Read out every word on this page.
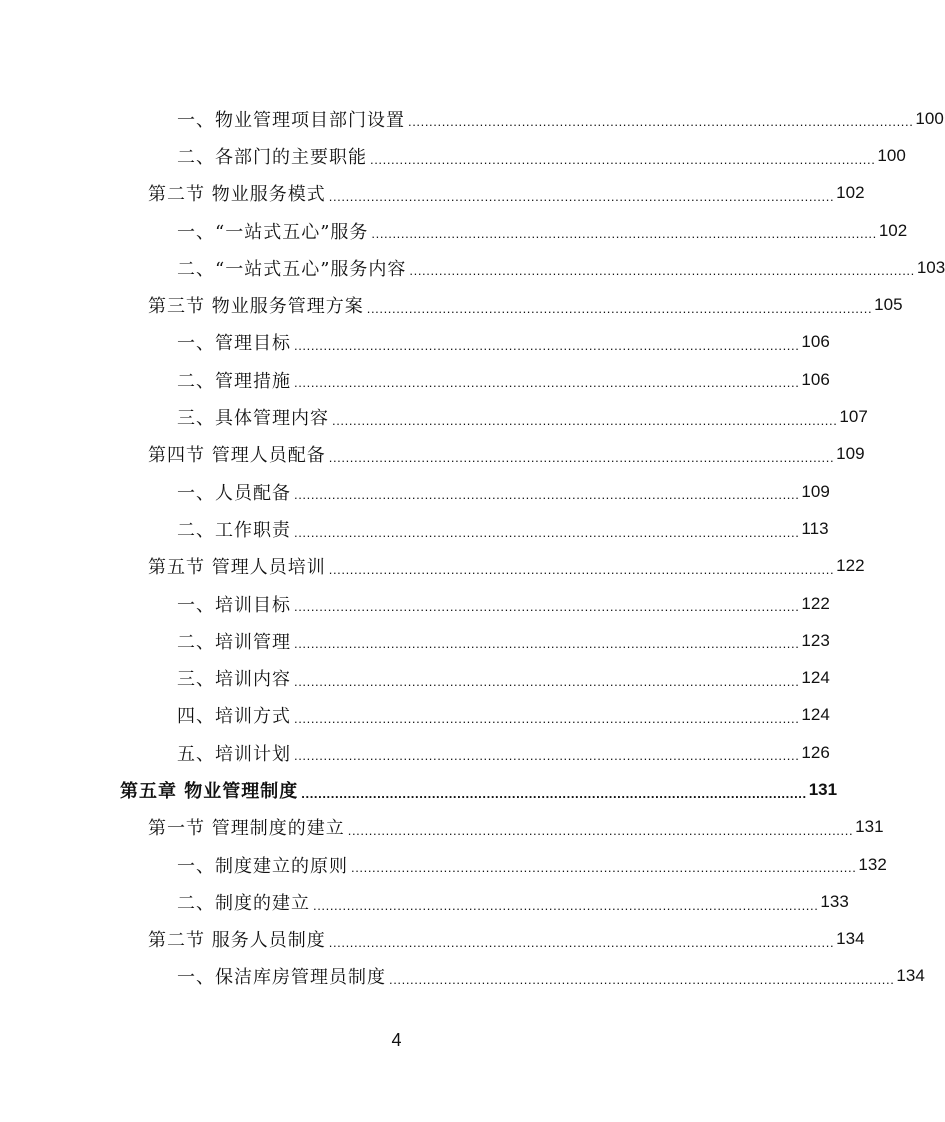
一、物业管理项目部门设置 ........................................................................................................................ 100
二、各部门的主要职能 ........................................................................................................................ 100
第二节 物业服务模式 ........................................................................................................................ 102
一、“一站式五心”服务 ........................................................................................................................ 102
二、“一站式五心”服务内容 ........................................................................................................................ 103
第三节 物业服务管理方案 ........................................................................................................................ 105
一、管理目标 ........................................................................................................................ 106
二、管理措施 ........................................................................................................................ 106
三、具体管理内容 ........................................................................................................................ 107
第四节 管理人员配备 ........................................................................................................................ 109
一、人员配备 ........................................................................................................................ 109
二、工作职责 ........................................................................................................................ 113
第五节 管理人员培训 ........................................................................................................................ 122
一、培训目标 ........................................................................................................................ 122
二、培训管理 ........................................................................................................................ 123
三、培训内容 ........................................................................................................................ 124
四、培训方式 ........................................................................................................................ 124
五、培训计划 ........................................................................................................................ 126
第五章 物业管理制度 ........................................................................................................................ 131
第一节 管理制度的建立 ........................................................................................................................ 131
一、制度建立的原则 ........................................................................................................................ 132
二、制度的建立 ........................................................................................................................ 133
第二节 服务人员制度 ........................................................................................................................ 134
一、保洁库房管理员制度 ........................................................................................................................ 134
4
